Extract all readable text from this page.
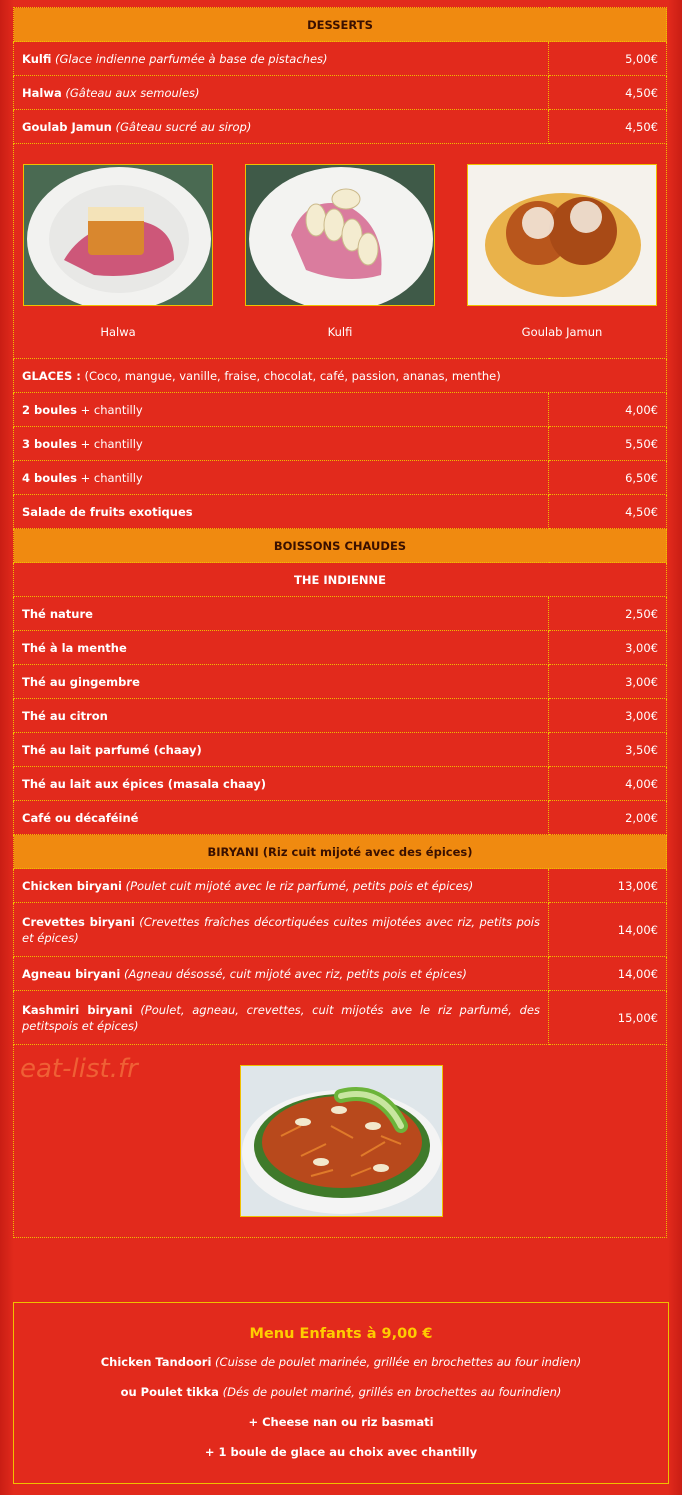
DESSERTS	
Kulfi (Glace indienne parfumée à base de pistaches)	5,00€
Halwa (Gâteau aux semoules)	4,50€
Goulab Jamun (Gâteau sucré au sirop)	4,50€

Halwa Kulfi Goulab Jamun	

GLACES : (Coco, mangue, vanille, fraise, chocolat, café, passion, ananas, menthe)	
2 boules + chantilly	4,00€
3 boules + chantilly	5,50€
4 boules + chantilly	6,50€
Salade de fruits exotiques	4,50€
BOISSONS CHAUDES	
THE INDIENNE	
Thé nature	2,50€
Thé à la menthe	3,00€
Thé au gingembre	3,00€
Thé au citron	3,00€
Thé au lait parfumé (chaay)	3,50€
Thé au lait aux épices (masala chaay)	4,00€
Café ou décaféiné	2,00€
BIRYANI (Riz cuit mijoté avec des épices)	
Chicken biryani (Poulet cuit mijoté avec le riz parfumé, petits pois et épices)	13,00€
Crevettes biryani (Crevettes fraîches décortiquées cuites mijotées avec riz, petits pois et épices)	14,00€
Agneau biryani (Agneau désossé, cuit mijoté avec riz, petits pois et épices)	14,00€
Kashmiri biryani (Poulet, agneau, crevettes, cuit mijotés ave le riz parfumé, des petitspois et épices)	15,00€

eat-list.fr	
Menu Enfants à 9,00 €
Chicken Tandoori (Cuisse de poulet marinée, grillée en brochettes au four indien)
ou Poulet tikka (Dés de poulet mariné, grillés en brochettes au fourindien)
+ Cheese nan ou riz basmati
+ 1 boule de glace au choix avec chantilly
